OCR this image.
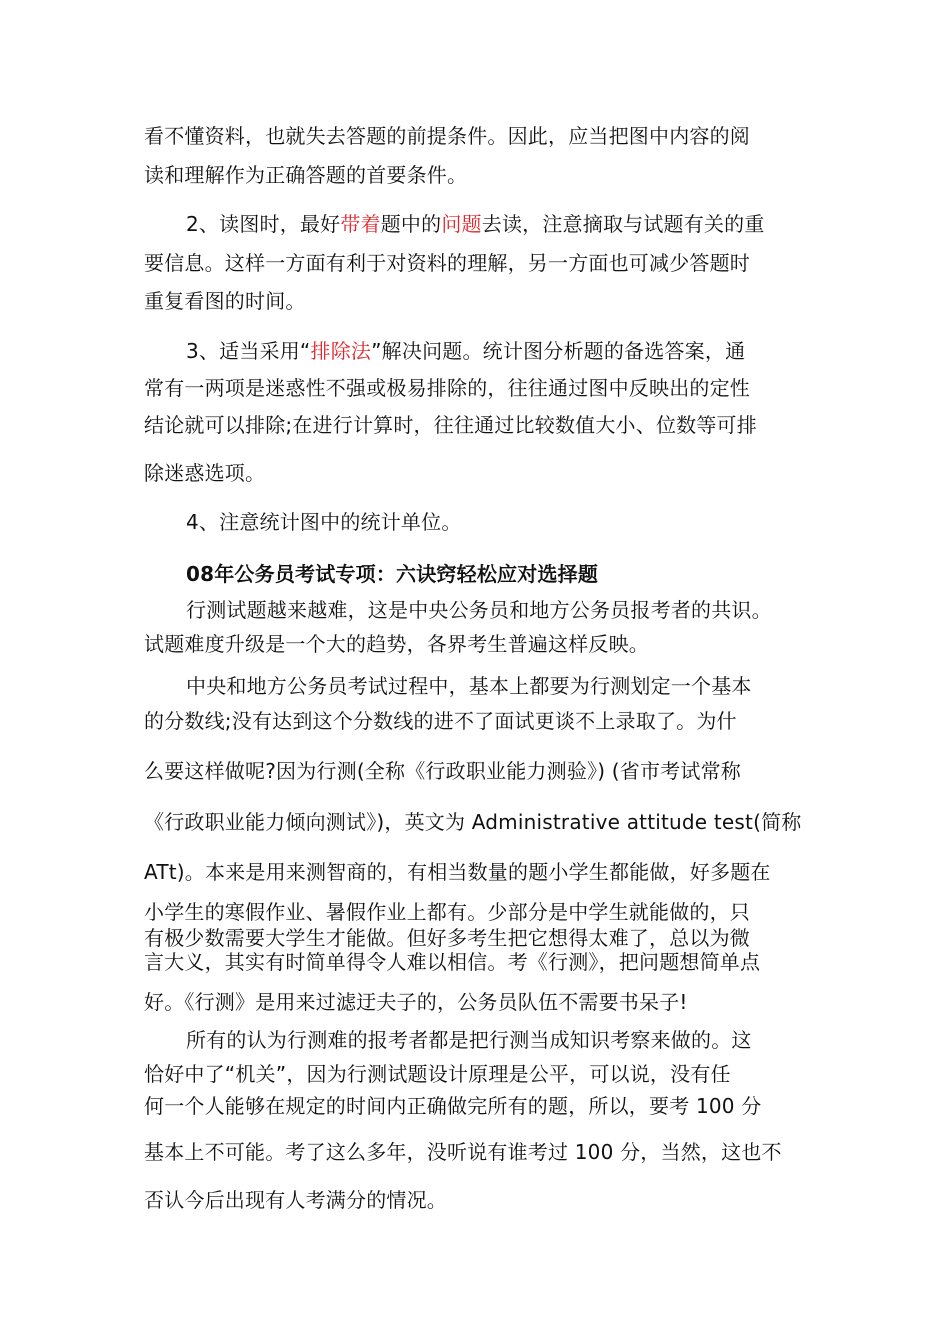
看不懂资料，也就失去答题的前提条件。因此，应当把图中内容的阅
读和理解作为正确答题的首要条件。
2、读图时，最好带着题中的问题去读，注意摘取与试题有关的重
要信息。这样一方面有利于对资料的理解，另一方面也可减少答题时
重复看图的时间。
3、适当采用“排除法”解决问题。统计图分析题的备选答案，通
常有一两项是迷惑性不强或极易排除的，往往通过图中反映出的定性
结论就可以排除;在进行计算时，往往通过比较数值大小、位数等可排
除迷惑选项。
4、注意统计图中的统计单位。
08年公务员考试专项：六诀窍轻松应对选择题
行测试题越来越难，这是中央公务员和地方公务员报考者的共识。
试题难度升级是一个大的趋势，各界考生普遍这样反映。
中央和地方公务员考试过程中，基本上都要为行测划定一个基本
的分数线;没有达到这个分数线的进不了面试更谈不上录取了。为什
么要这样做呢?因为行测(全称《行政职业能力测验》) (省市考试常称
《行政职业能力倾向测试》)，英文为 Administrative attitude test(简称
ATt)。本来是用来测智商的，有相当数量的题小学生都能做，好多题在
小学生的寒假作业、暑假作业上都有。少部分是中学生就能做的，只
有极少数需要大学生才能做。但好多考生把它想得太难了，总以为微
言大义，其实有时简单得令人难以相信。考《行测》，把问题想简单点
好。《行测》是用来过滤迂夫子的，公务员队伍不需要书呆子!
所有的认为行测难的报考者都是把行测当成知识考察来做的。这
恰好中了“机关”，因为行测试题设计原理是公平，可以说，没有任
何一个人能够在规定的时间内正确做完所有的题，所以，要考 100 分
基本上不可能。考了这么多年，没听说有谁考过 100 分，当然，这也不
否认今后出现有人考满分的情况。
